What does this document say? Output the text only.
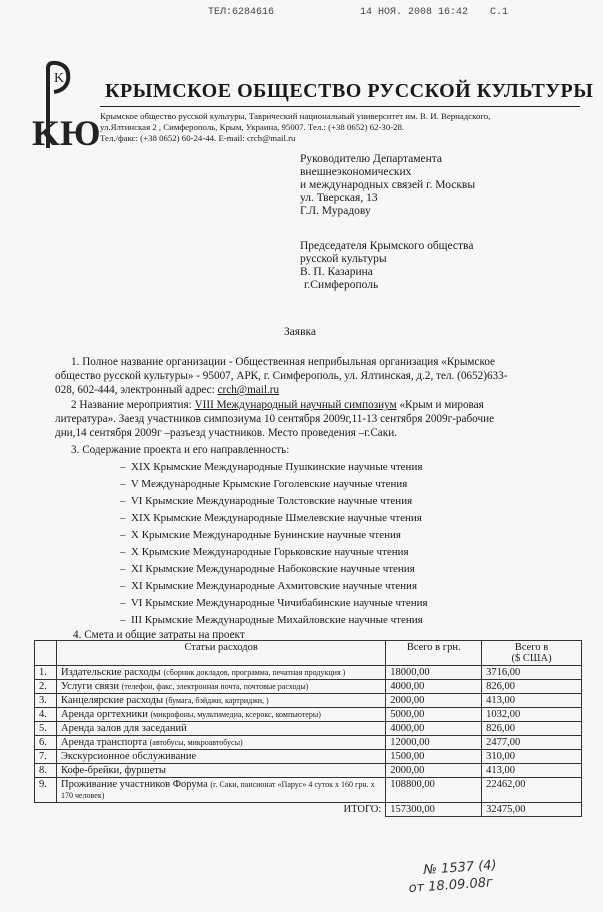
ТЕЛ:6284616	14 НОЯ. 2008 16:42 С.1
K
K Ю
КРЫМСКОЕ ОБЩЕСТВО РУССКОЙ КУЛЬТУРЫ
Крымское общество русской культуры, Таврический национальный университет им. В. И. Вернадского,
ул.Ялтинская 2 , Симферополь, Крым, Украина, 95007. Тел.: (+38 0652) 62-30-28.
Тел./факс: (+38 0652) 60-24-44. E-mail: crch@mail.ru
Руководителю Департамента
внешнеэкономических
и международных связей г. Москвы
ул. Тверская, 13
Г.Л. Мурадову
Председателя Крымского общества
русской культуры
В. П. Казарина
г.Симферополь
Заявка
1. Полное название организации - Общественная неприбыльная организация «Крымское
общество русской культуры» - 95007, АРК, г. Симферополь, ул. Ялтинская, д.2, тел. (0652)633-
028, 602-444, электронный адрес: crch@mail.ru
2 Название мероприятия: VIII Международный научный симпозиум «Крым и мировая
литература». Заезд участников симпозиума 10 сентября 2009г,11-13 сентября 2009г-рабочие
дни,14 сентября 2009г –разъезд участников. Место проведения –г.Саки.
3. Содержание проекта и его направленность:
–  XIX Крымские Международные Пушкинские научные чтения
–  V Международные Крымские Гоголевские научные чтения
–  VI Крымские Международные Толстовские научные чтения
–  XIX Крымские Международные Шмелевские научные чтения
–  X Крымские Международные Бунинские научные чтения
–  X Крымские Международные Горьковские научные чтения
–  XI Крымские Международные Набоковские научные чтения
–  XI Крымские Международные Ахмитовские научные чтения
–  VI Крымские Международные Чичибабинские научные чтения
–  III Крымские Международные Михайловские научные чтения
4. Смета и общие затраты на проект
	Статьи расходов	Всего в грн.	Всего в
($ США)

1.	Издательские расходы (сборник докладов, программа, печатная продукция )	18000,00	3716,00
2.	Услуги связи (телефон, факс, электронная почта, почтовые расходы)	4000,00	826,00
3.	Канцелярские расходы (бумага, бэйджи, картриджи, )	2000,00	413,00
4.	Аренда оргтехники (микрофоны, мультимедиа, ксерокс, компьютеры)	5000,00	1032,00
5.	Аренда залов для заседаний	4000,00	826,00
6.	Аренда транспорта (автобусы, микроавтобусы)	12000,00	2477,00
7.	Экскурсионное обслуживание	1500,00	310,00
8.	Кофе-брейки, фуршеты	2000,00	413,00
9.	Проживание участников Форума (г. Саки, пансионат «Парус» 4 суток х 160 грн. х 170 человек)	108800,00	22462,00
	ИТОГО:	157300,00	32475,00
№ 1537 (4)
от 18.09.08г
